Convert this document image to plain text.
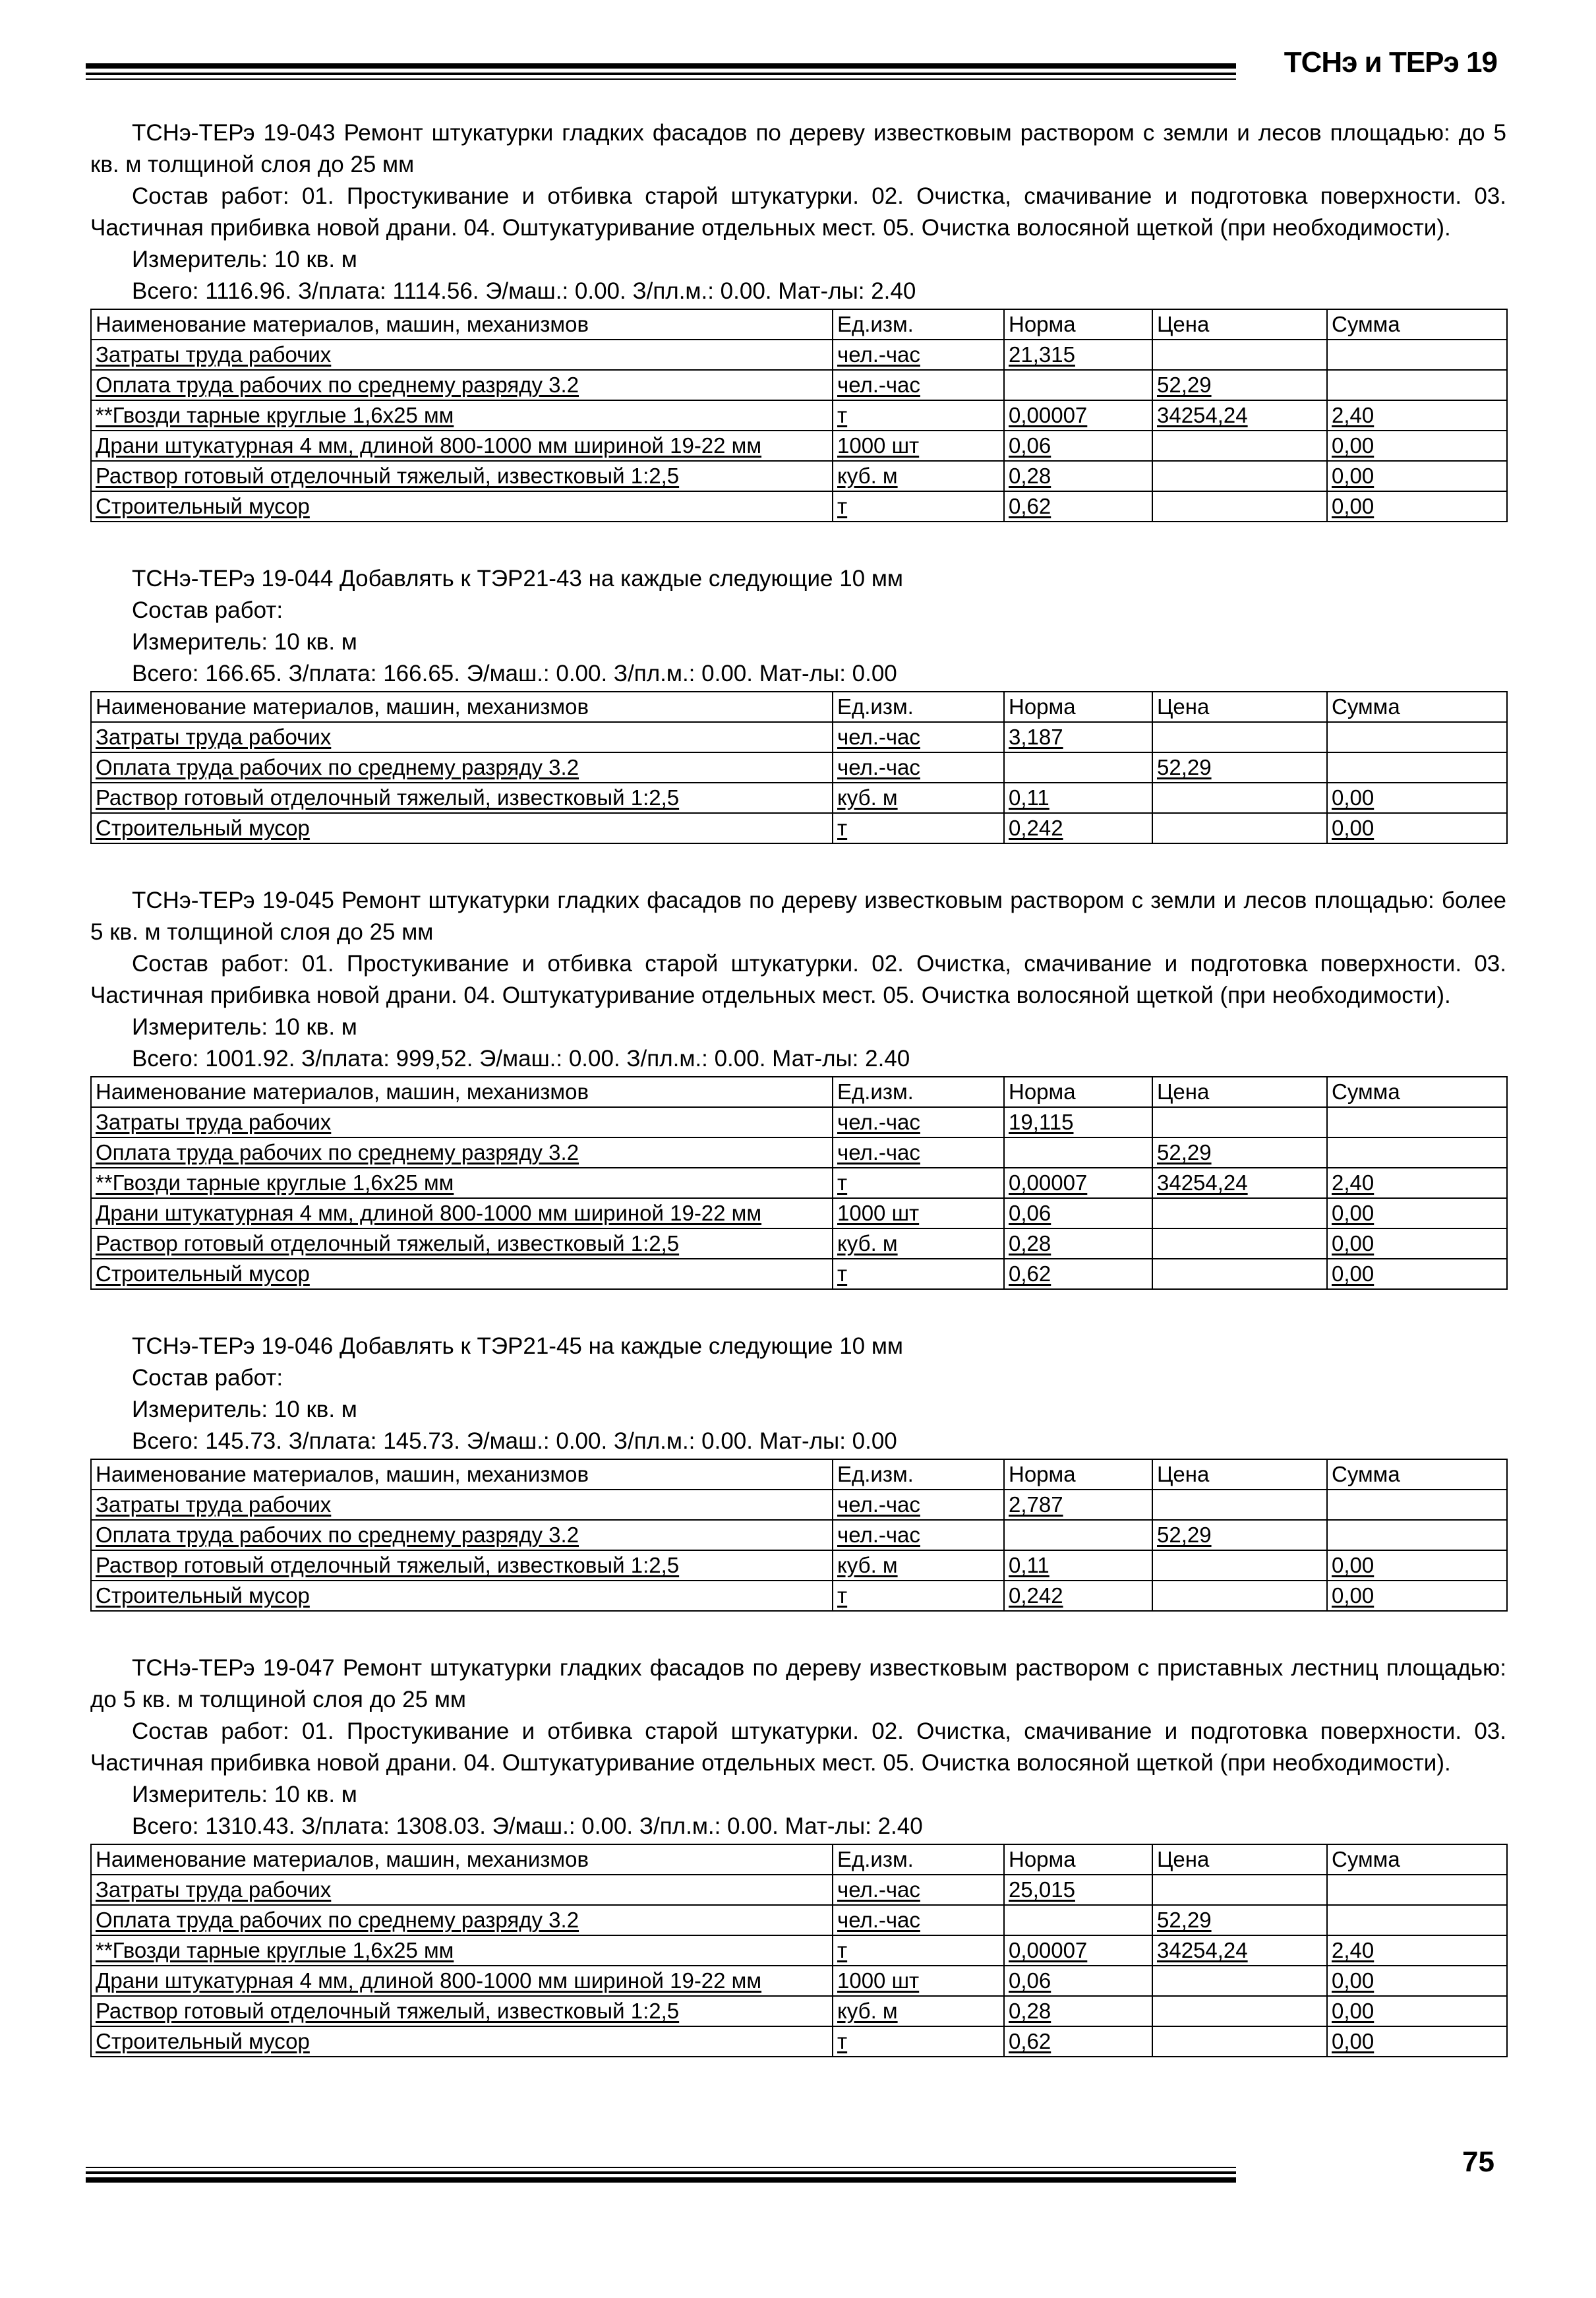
ТСНэ и ТЕРэ 19
ТСНэ-ТЕРэ 19-043 Ремонт штукатурки гладких фасадов по дереву известковым раствором с земли и лесов площадью: до 5 кв. м толщиной слоя до 25 мм
Состав работ: 01. Простукивание и отбивка старой штукатурки. 02. Очистка, смачивание и подготовка поверхности. 03. Частичная прибивка новой драни. 04. Оштукатуривание отдельных мест. 05. Очистка волосяной щеткой (при необходимости).
Измеритель: 10 кв. м
Всего: 1116.96. З/плата: 1114.56. Э/маш.: 0.00. З/пл.м.: 0.00. Мат-лы: 2.40
Наименование материалов, машин, механизмов	Ед.изм.	Норма	Цена	Сумма
Затраты труда рабочих	чел.-час	21,315		
Оплата труда рабочих по среднему разряду 3.2	чел.-час		52,29	
**Гвозди тарные круглые 1,6х25 мм	т	0,00007	34254,24	2,40
Драни штукатурная 4 мм, длиной 800-1000 мм шириной 19-22 мм	1000 шт	0,06		0,00
Раствор готовый отделочный тяжелый, известковый 1:2,5	куб. м	0,28		0,00
Строительный мусор	т	0,62		0,00
ТСНэ-ТЕРэ 19-044 Добавлять к ТЭР21-43 на каждые следующие 10 мм
Состав работ:
Измеритель: 10 кв. м
Всего: 166.65. З/плата: 166.65. Э/маш.: 0.00. З/пл.м.: 0.00. Мат-лы: 0.00
Наименование материалов, машин, механизмов	Ед.изм.	Норма	Цена	Сумма
Затраты труда рабочих	чел.-час	3,187		
Оплата труда рабочих по среднему разряду 3.2	чел.-час		52,29	
Раствор готовый отделочный тяжелый, известковый 1:2,5	куб. м	0,11		0,00
Строительный мусор	т	0,242		0,00
ТСНэ-ТЕРэ 19-045 Ремонт штукатурки гладких фасадов по дереву известковым раствором с земли и лесов площадью: более 5 кв. м толщиной слоя до 25 мм
Состав работ: 01. Простукивание и отбивка старой штукатурки. 02. Очистка, смачивание и подготовка поверхности. 03. Частичная прибивка новой драни. 04. Оштукатуривание отдельных мест. 05. Очистка волосяной щеткой (при необходимости).
Измеритель: 10 кв. м
Всего: 1001.92. З/плата: 999,52. Э/маш.: 0.00. З/пл.м.: 0.00. Мат-лы: 2.40
Наименование материалов, машин, механизмов	Ед.изм.	Норма	Цена	Сумма
Затраты труда рабочих	чел.-час	19,115		
Оплата труда рабочих по среднему разряду 3.2	чел.-час		52,29	
**Гвозди тарные круглые 1,6х25 мм	т	0,00007	34254,24	2,40
Драни штукатурная 4 мм, длиной 800-1000 мм шириной 19-22 мм	1000 шт	0,06		0,00
Раствор готовый отделочный тяжелый, известковый 1:2,5	куб. м	0,28		0,00
Строительный мусор	т	0,62		0,00
ТСНэ-ТЕРэ 19-046 Добавлять к ТЭР21-45 на каждые следующие 10 мм
Состав работ:
Измеритель: 10 кв. м
Всего: 145.73. З/плата: 145.73. Э/маш.: 0.00. З/пл.м.: 0.00. Мат-лы: 0.00
Наименование материалов, машин, механизмов	Ед.изм.	Норма	Цена	Сумма
Затраты труда рабочих	чел.-час	2,787		
Оплата труда рабочих по среднему разряду 3.2	чел.-час		52,29	
Раствор готовый отделочный тяжелый, известковый 1:2,5	куб. м	0,11		0,00
Строительный мусор	т	0,242		0,00
ТСНэ-ТЕРэ 19-047 Ремонт штукатурки гладких фасадов по дереву известковым раствором с приставных лестниц площадью: до 5 кв. м толщиной слоя до 25 мм
Состав работ: 01. Простукивание и отбивка старой штукатурки. 02. Очистка, смачивание и подготовка поверхности. 03. Частичная прибивка новой драни. 04. Оштукатуривание отдельных мест. 05. Очистка волосяной щеткой (при необходимости).
Измеритель: 10 кв. м
Всего: 1310.43. З/плата: 1308.03. Э/маш.: 0.00. З/пл.м.: 0.00. Мат-лы: 2.40
Наименование материалов, машин, механизмов	Ед.изм.	Норма	Цена	Сумма
Затраты труда рабочих	чел.-час	25,015		
Оплата труда рабочих по среднему разряду 3.2	чел.-час		52,29	
**Гвозди тарные круглые 1,6х25 мм	т	0,00007	34254,24	2,40
Драни штукатурная 4 мм, длиной 800-1000 мм шириной 19-22 мм	1000 шт	0,06		0,00
Раствор готовый отделочный тяжелый, известковый 1:2,5	куб. м	0,28		0,00
Строительный мусор	т	0,62		0,00
75
